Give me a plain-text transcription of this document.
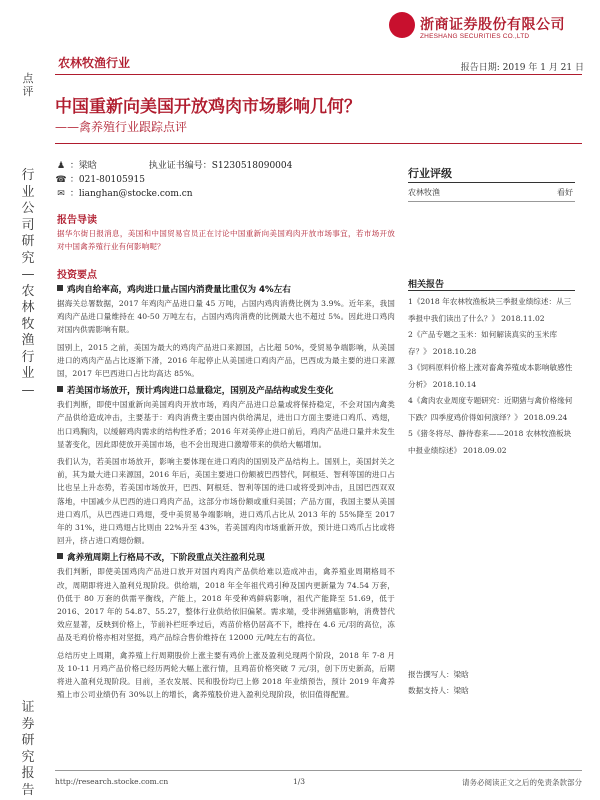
浙商证券股份有限公司
ZHESHANG SECURITIES CO.,LTD
农林牧渔行业	报告日期: 2019 年 1 月 21 日
点评
行业公司研究—农林牧渔行业—
证券研究报告
中国重新向美国开放鸡肉市场影响几何？
——禽养殖行业跟踪点评
♟ ：梁晗	执业证书编号：S1230518090004
☎ ：021-80105915
✉ ：lianghan@stocke.com.cn
报告导读
据华尔街日报消息，美国和中国贸易官员正在讨论中国重新向美国鸡肉开放市场事宜，若市场开放对中国禽养殖行业有何影响呢？
投资要点
鸡肉自给率高，鸡肉进口量占国内消费量比重仅为 4%左右
据海关总署数据，2017 年鸡肉产品进口量 45 万吨，占国内鸡肉消费比例为 3.9%。近年来，我国鸡肉产品进口量维持在 40-50 万吨左右，占国内鸡肉消费的比例最大也不超过 5%。因此进口鸡肉对国内供需影响有限。
国别上，2015 之前，美国为最大的鸡肉产品进口来源国，占比超 50%，受贸易争端影响，从美国进口的鸡肉产品占比逐渐下滑，2016 年起停止从美国进口鸡肉产品，巴西成为最主要的进口来源国，2017 年巴西进口占比均高达 85%。
若美国市场放开，预计鸡肉进口总量稳定，国别及产品结构或发生变化
我们判断，即使中国重新向美国鸡肉开放市场，鸡肉产品进口总量或将保持稳定，不会对国内禽类产品供给造成冲击，主要基于：鸡肉消费主要由国内供给满足，进出口方面主要进口鸡爪、鸡翅，出口鸡胸肉，以缓解鸡肉需求的结构性矛盾；2016 年对美停止进口前后，鸡肉产品进口量并未发生显著变化，因此即使放开美国市场，也不会出现进口激增带来的供给大幅增加。
我们认为，若美国市场放开，影响主要体现在进口鸡肉的国别及产品结构上。国别上，美国封关之前，其为最大进口来源国，2016 年后，美国主要进口份额被巴西替代，阿根廷、智利等国的进口占比也呈上升态势，若美国市场放开，巴西、阿根廷、智利等国的进口或将受到冲击，且国巴西双双落地，中国减少从巴西的进口鸡肉产品，这部分市场份额或重归美国；产品方面，我国主要从美国进口鸡爪，从巴西进口鸡翅，受中美贸易争端影响，进口鸡爪占比从 2013 年的 55%降至 2017 年的 31%，进口鸡翅占比则由 22%升至 43%，若美国鸡肉市场重新开放，预计进口鸡爪占比或将回升，挤占进口鸡翅份额。
禽养殖周期上行格局不改，下阶段重点关注盈利兑现
我们判断，即使美国鸡肉产品进口放开对国内鸡肉产品供给难以造成冲击，禽养殖业周期格局不改，周期即将进入盈利兑现阶段。供给端，2018 年全年祖代鸡引种及国内更新量为 74.54 万套，仍低于 80 万套的供需平衡线，产能上，2018 年受种鸡鲜病影响，祖代产能降至 51.69，低于 2016、2017 年的 54.87、55.27，整体行业供给依旧偏紧。需求端，受非洲猪瘟影响，消费替代效应显著，反映到价格上，节前补栏旺季过后，鸡苗价格仍居高不下，维持在 4.6 元/羽的高位，冻品及毛鸡价格亦相对坚挺，鸡产品综合售价维持在 12000 元/吨左右的高位。
总结历史上周期，禽养殖上行周期股价上涨主要有鸡价上涨及盈利兑现两个阶段，2018 年 7-8 月及 10-11 月鸡产品价格已经历两轮大幅上涨行情，且鸡苗价格突破 7 元/羽，创下历史新高，后期将进入盈利兑现阶段。目前，圣农发展、民和股份均已上修 2018 年业绩预告，预计 2019 年禽养殖上市公司业绩仍有 30%以上的增长，禽养殖股价进入盈利兑现阶段，依旧值得配置。
行业评级
农林牧渔	看好
相关报告
1《2018 年农林牧渔板块三季报业绩综述：从三季报中我们读出了什么？》 2018.11.02
2《产品专题之玉米：如何解读真实的玉米库存？》 2018.10.28
3《饲料原料价格上涨对畜禽养殖成本影响敏感性分析》 2018.10.14
4《禽肉农业周度专题研究：近期猪与禽价格缘何下跌？四季度鸡价得如何演绎？》 2018.09.24
5《猪冬将尽、静待春来——2018 农林牧渔板块中报业绩综述》 2018.09.02
报告撰写人：梁晗
数据支持人：梁晗
http://research.stocke.com.cn	1/3	请务必阅读正文之后的免责条款部分
